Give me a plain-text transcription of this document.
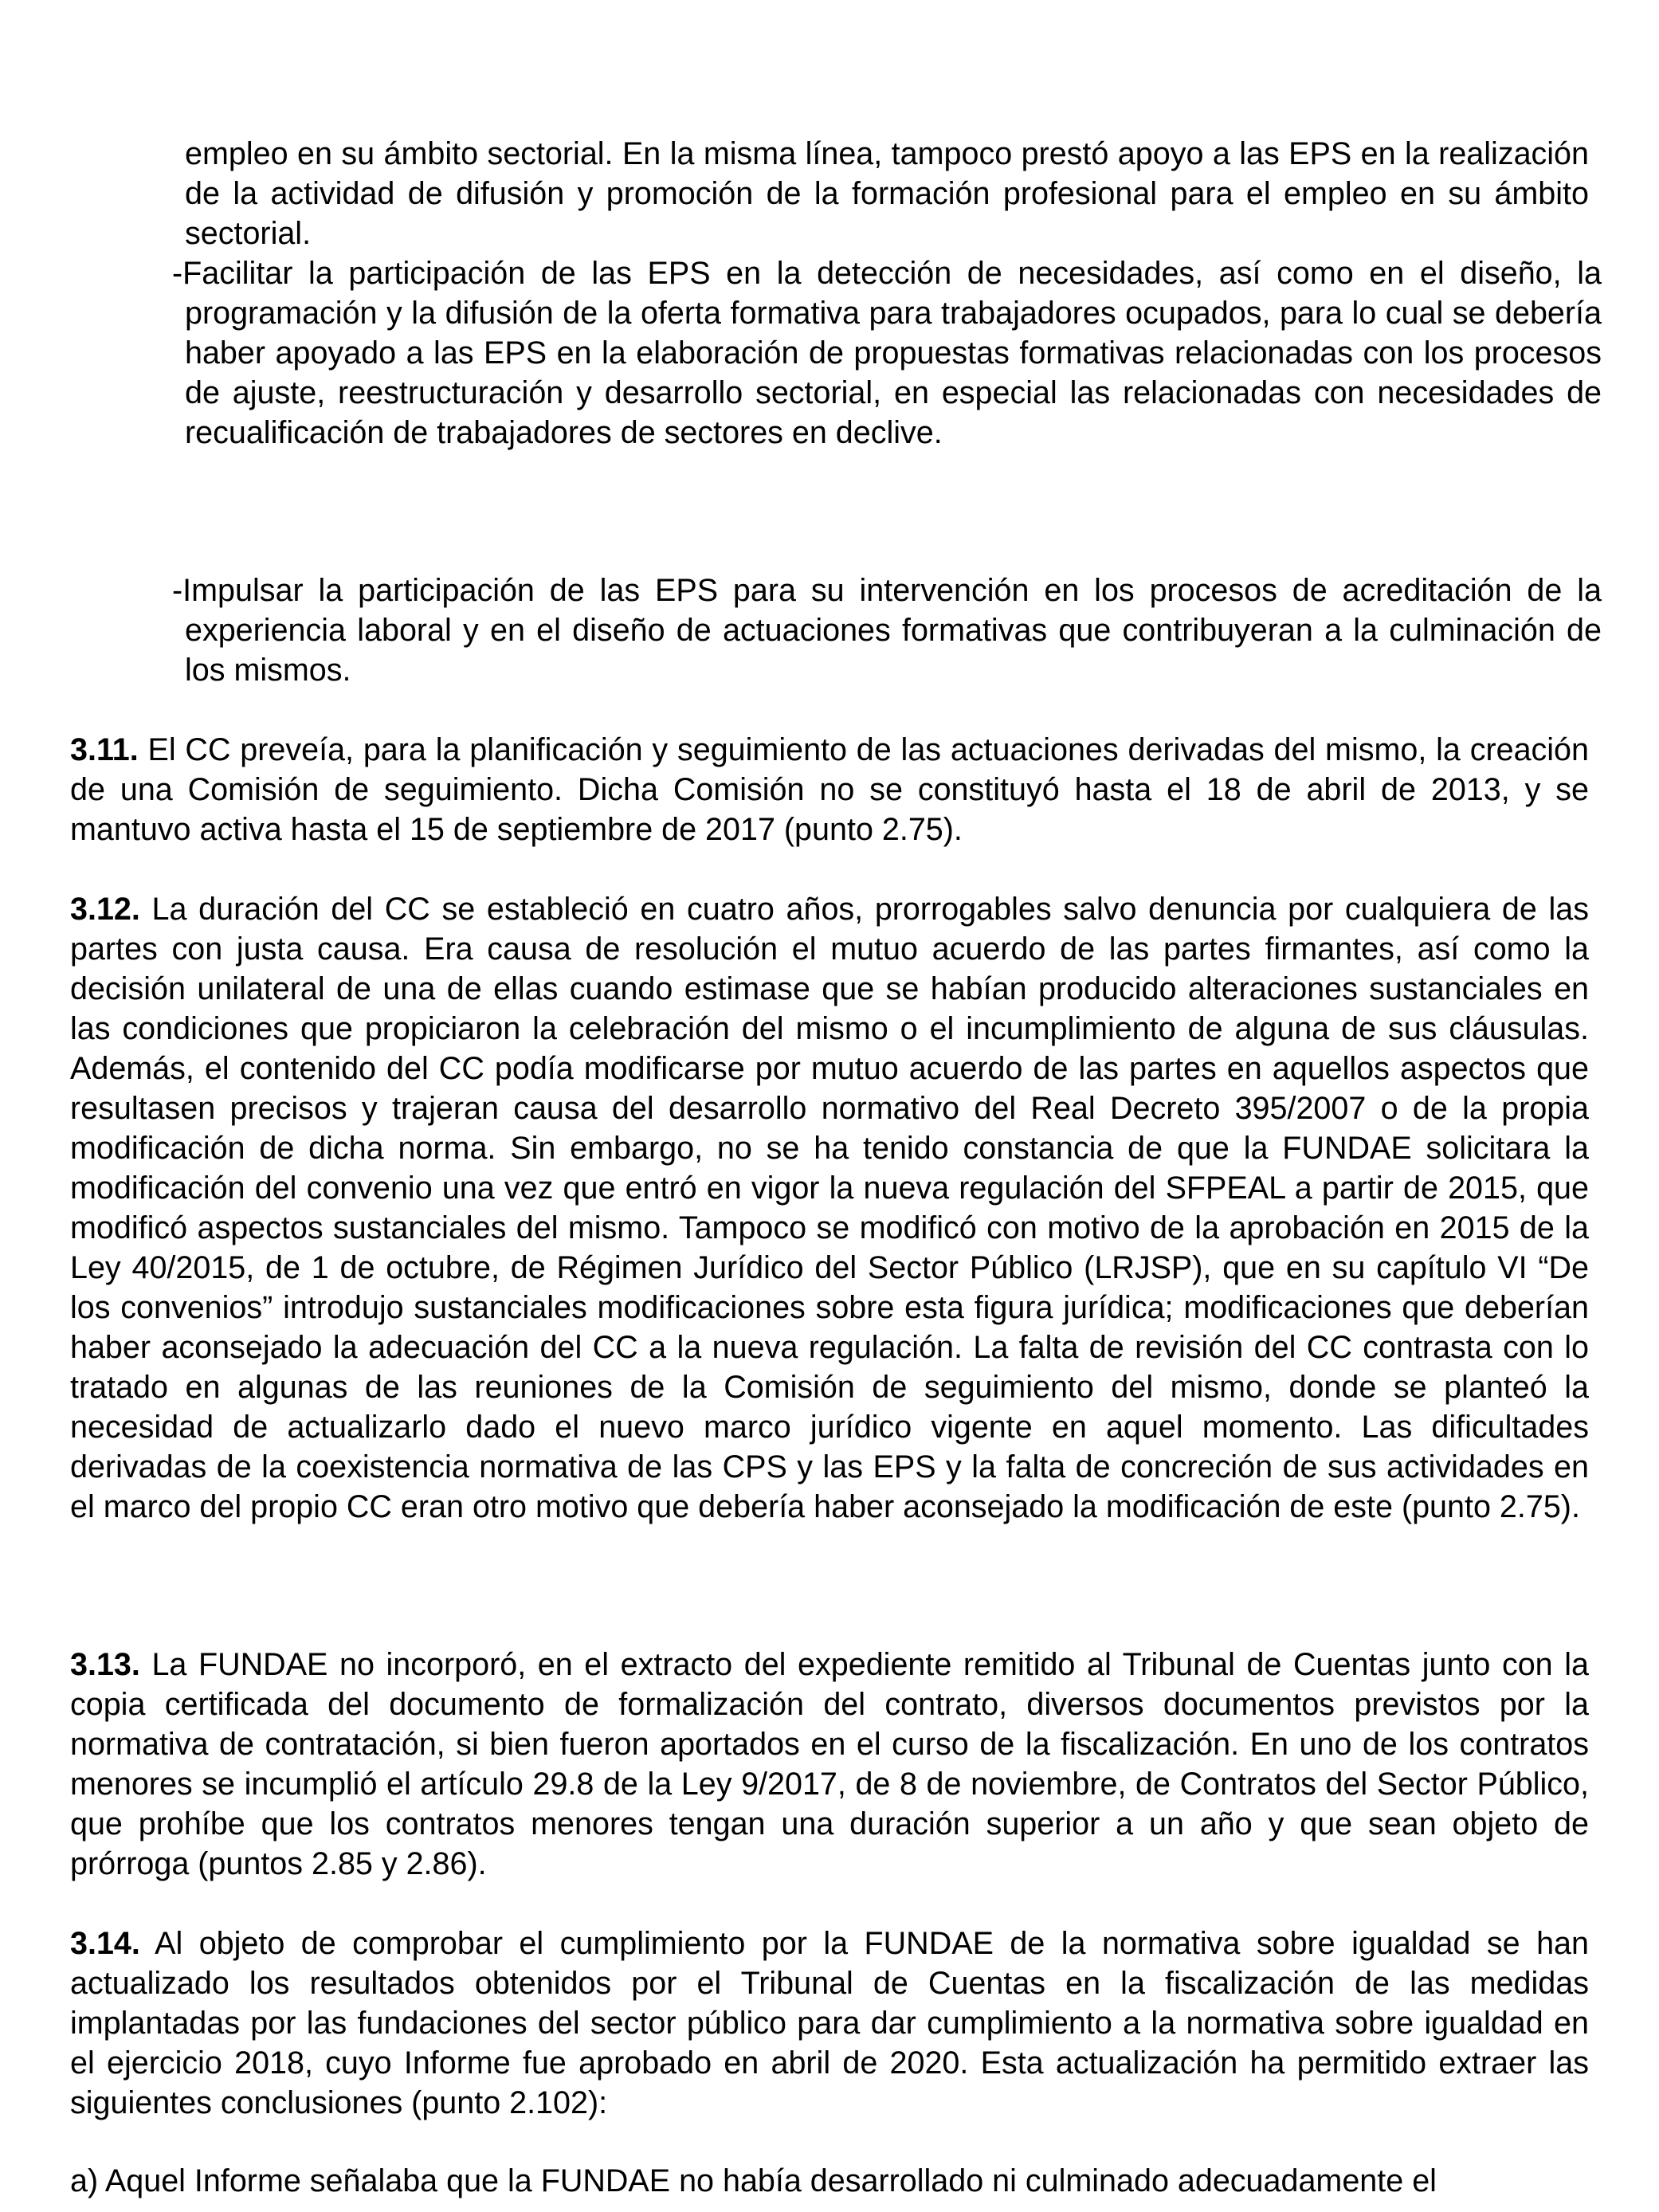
empleo en su ámbito sectorial. En la misma línea, tampoco prestó apoyo a las EPS en la realización de la actividad de difusión y promoción de la formación profesional para el empleo en su ámbito sectorial.

-Facilitar la participación de las EPS en la detección de necesidades, así como en el diseño, la programación y la difusión de la oferta formativa para trabajadores ocupados, para lo cual se debería haber apoyado a las EPS en la elaboración de propuestas formativas relacionadas con los procesos de ajuste, reestructuración y desarrollo sectorial, en especial las relacionadas con necesidades de recualificación de trabajadores de sectores en declive.

-Impulsar la participación de las EPS para su intervención en los procesos de acreditación de la experiencia laboral y en el diseño de actuaciones formativas que contribuyeran a la culminación de los mismos.

3.11. El CC preveía, para la planificación y seguimiento de las actuaciones derivadas del mismo, la creación de una Comisión de seguimiento. Dicha Comisión no se constituyó hasta el 18 de abril de 2013, y se mantuvo activa hasta el 15 de septiembre de 2017 (punto 2.75).

3.12. La duración del CC se estableció en cuatro años, prorrogables salvo denuncia por cualquiera de las partes con justa causa. Era causa de resolución el mutuo acuerdo de las partes firmantes, así como la decisión unilateral de una de ellas cuando estimase que se habían producido alteraciones sustanciales en las condiciones que propiciaron la celebración del mismo o el incumplimiento de alguna de sus cláusulas. Además, el contenido del CC podía modificarse por mutuo acuerdo de las partes en aquellos aspectos que resultasen precisos y trajeran causa del desarrollo normativo del Real Decreto 395/2007 o de la propia modificación de dicha norma. Sin embargo, no se ha tenido constancia de que la FUNDAE solicitara la modificación del convenio una vez que entró en vigor la nueva regulación del SFPEAL a partir de 2015, que modificó aspectos sustanciales del mismo. Tampoco se modificó con motivo de la aprobación en 2015 de la Ley 40/2015, de 1 de octubre, de Régimen Jurídico del Sector Público (LRJSP), que en su capítulo VI “De los convenios” introdujo sustanciales modificaciones sobre esta figura jurídica; modificaciones que deberían haber aconsejado la adecuación del CC a la nueva regulación. La falta de revisión del CC contrasta con lo tratado en algunas de las reuniones de la Comisión de seguimiento del mismo, donde se planteó la necesidad de actualizarlo dado el nuevo marco jurídico vigente en aquel momento. Las dificultades derivadas de la coexistencia normativa de las CPS y las EPS y la falta de concreción de sus actividades en el marco del propio CC eran otro motivo que debería haber aconsejado la modificación de este (punto 2.75).

3.13. La FUNDAE no incorporó, en el extracto del expediente remitido al Tribunal de Cuentas junto con la copia certificada del documento de formalización del contrato, diversos documentos previstos por la normativa de contratación, si bien fueron aportados en el curso de la fiscalización. En uno de los contratos menores se incumplió el artículo 29.8 de la Ley 9/2017, de 8 de noviembre, de Contratos del Sector Público, que prohíbe que los contratos menores tengan una duración superior a un año y que sean objeto de prórroga (puntos 2.85 y 2.86).

3.14. Al objeto de comprobar el cumplimiento por la FUNDAE de la normativa sobre igualdad se han actualizado los resultados obtenidos por el Tribunal de Cuentas en la fiscalización de las medidas implantadas por las fundaciones del sector público para dar cumplimiento a la normativa sobre igualdad en el ejercicio 2018, cuyo Informe fue aprobado en abril de 2020. Esta actualización ha permitido extraer las siguientes conclusiones (punto 2.102):

a) Aquel Informe señalaba que la FUNDAE no había desarrollado ni culminado adecuadamente el
